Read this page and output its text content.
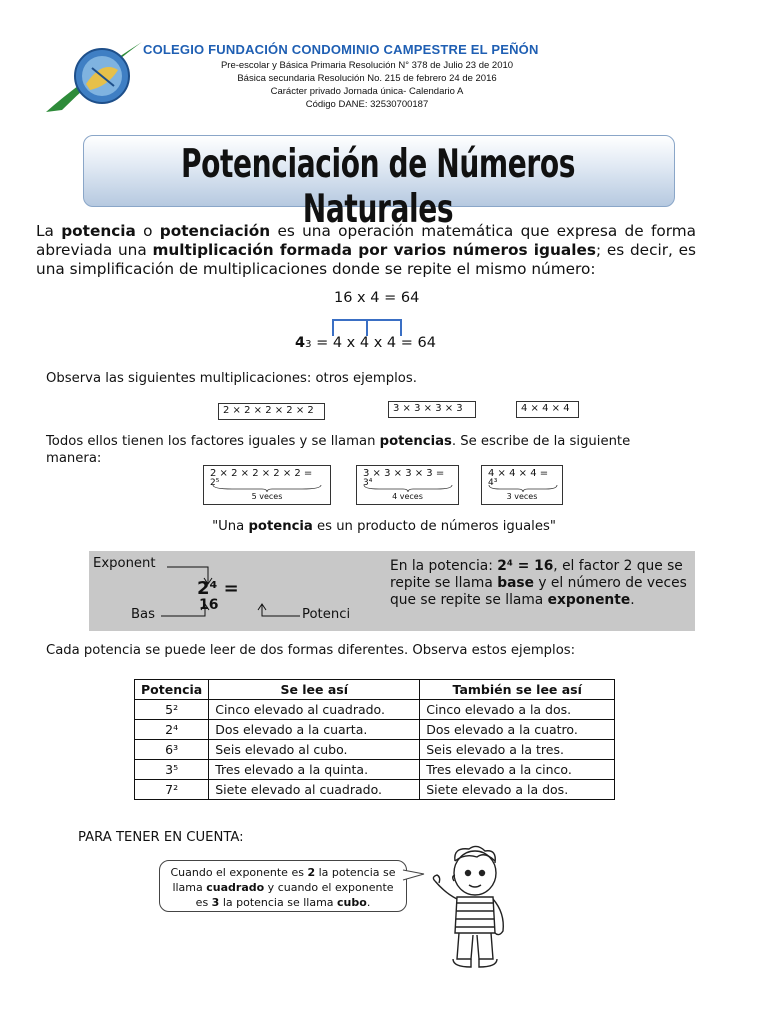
COLEGIO FUNDACIÓN CONDOMINIO CAMPESTRE EL PEÑÓN
Pre-escolar y Básica Primaria Resolución N° 378 de Julio 23 de 2010
Básica secundaria Resolución No. 215 de febrero 24 de 2016
Carácter privado Jornada única- Calendario A
Código DANE: 32530700187
Potenciación de Números Naturales
La potencia o potenciación es una operación matemática que expresa de forma abreviada una multiplicación formada por varios números iguales; es decir, es una simplificación de multiplicaciones donde se repite el mismo número:
16 x 4 = 64
43 = 4 x 4 x 4 = 64
Observa las siguientes multiplicaciones: otros ejemplos.
2 × 2 × 2 × 2 × 2	3 × 3 × 3 × 3	4 × 4 × 4
Todos ellos tienen los factores iguales y se llaman potencias. Se escribe de la siguiente manera:
2 × 2 × 2 × 2 × 2 =
2⁵
5 veces
3 × 3 × 3 × 3 =
3⁴
4 veces
4 × 4 × 4 =
4³
3 veces
"Una potencia es un producto de números iguales"
Exponent
2⁴ =
16
Bas	Potenci
En la potencia: 2⁴ = 16, el factor 2 que se repite se llama base y el número de veces que se repite se llama exponente.
Cada potencia se puede leer de dos formas diferentes. Observa estos ejemplos:
Potencia	Se lee así	También se lee así
5²	Cinco elevado al cuadrado.	Cinco elevado a la dos.
2⁴	Dos elevado a la cuarta.	Dos elevado a la cuatro.
6³	Seis elevado al cubo.	Seis elevado a la tres.
3⁵	Tres elevado a la quinta.	Tres elevado a la cinco.
7²	Siete elevado al cuadrado.	Siete elevado a la dos.
PARA TENER EN CUENTA:
Cuando el exponente es 2 la potencia se llama cuadrado y cuando el exponente es 3 la potencia se llama cubo.
